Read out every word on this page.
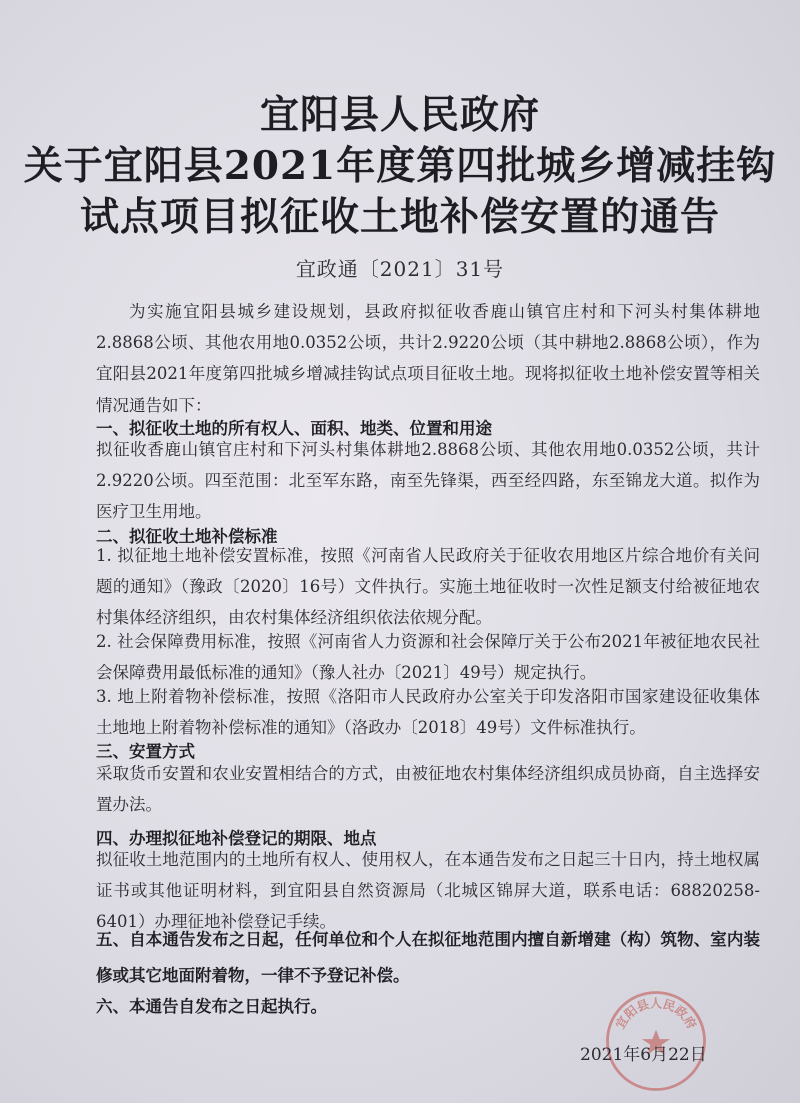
宜阳县人民政府
关于宜阳县2021年度第四批城乡增减挂钩
试点项目拟征收土地补偿安置的通告
宜政通〔2021〕31号
为实施宜阳县城乡建设规划，县政府拟征收香鹿山镇官庄村和下河头村集体耕地2.8868公顷、其他农用地0.0352公顷，共计2.9220公顷（其中耕地2.8868公顷），作为宜阳县2021年度第四批城乡增减挂钩试点项目征收土地。现将拟征收土地补偿安置等相关情况通告如下：
一、拟征收土地的所有权人、面积、地类、位置和用途
拟征收香鹿山镇官庄村和下河头村集体耕地2.8868公顷、其他农用地0.0352公顷，共计2.9220公顷。四至范围：北至军东路，南至先锋渠，西至经四路，东至锦龙大道。拟作为医疗卫生用地。
二、拟征收土地补偿标准
1. 拟征地土地补偿安置标准，按照《河南省人民政府关于征收农用地区片综合地价有关问题的通知》（豫政〔2020〕16号）文件执行。实施土地征收时一次性足额支付给被征地农村集体经济组织，由农村集体经济组织依法依规分配。
2. 社会保障费用标准，按照《河南省人力资源和社会保障厅关于公布2021年被征地农民社会保障费用最低标准的通知》（豫人社办〔2021〕49号）规定执行。
3. 地上附着物补偿标准，按照《洛阳市人民政府办公室关于印发洛阳市国家建设征收集体土地地上附着物补偿标准的通知》（洛政办〔2018〕49号）文件标准执行。
三、安置方式
采取货币安置和农业安置相结合的方式，由被征地农村集体经济组织成员协商，自主选择安置办法。
四、办理拟征地补偿登记的期限、地点
拟征收土地范围内的土地所有权人、使用权人，在本通告发布之日起三十日内，持土地权属证书或其他证明材料，到宜阳县自然资源局（北城区锦屏大道，联系电话：68820258-6401）办理征地补偿登记手续。
五、自本通告发布之日起，任何单位和个人在拟征地范围内擅自新增建（构）筑物、室内装修或其它地面附着物，一律不予登记补偿。
六、本通告自发布之日起执行。
宜阳县人民政府
2021年6月22日
